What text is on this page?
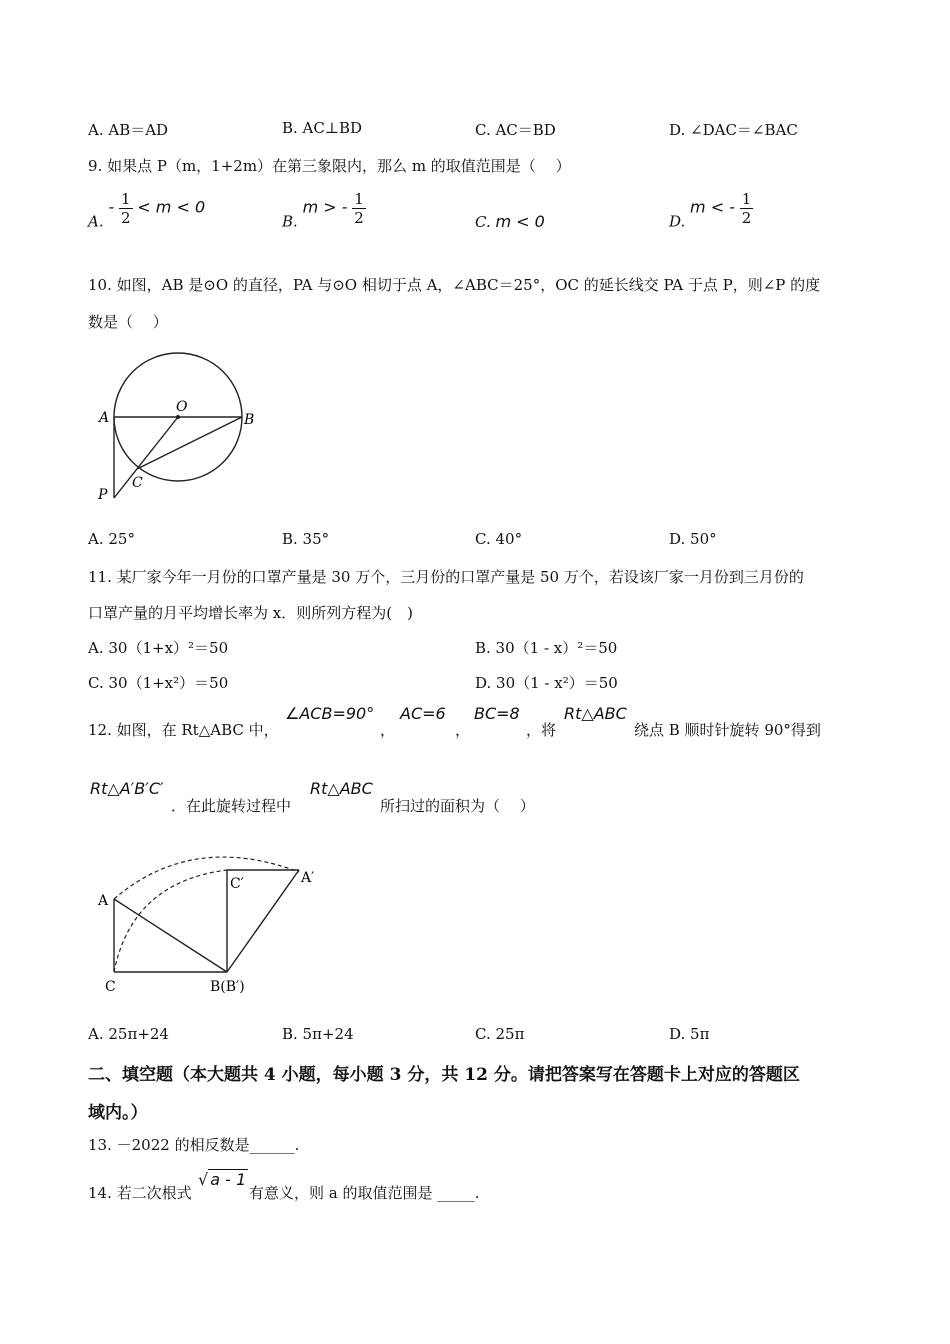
A. AB＝AD	B. AC⊥BD	C. AC＝BD	D. ∠DAC＝∠BAC
9. 如果点 P（m，1+2m）在第三象限内，那么 m 的取值范围是（　 ）
A. - $\frac{1}{2} < m < 0$
B. m > - $\frac{1}{2}$	C. m < 0	D. m < - $\frac{1}{2}$
10. 如图，AB 是⊙O 的直径，PA 与⊙O 相切于点 A，∠ABC＝25°，OC 的延长线交 PA 于点 P，则∠P 的度
数是（　 ）
A
O
B
C
P
A. 25°	B. 35°	C. 40°	D. 50°
11. 某厂家今年一月份的口罩产量是 30 万个，三月份的口罩产量是 50 万个，若设该厂家一月份到三月份的
口罩产量的月平均增长率为 x．则所列方程为(　)
A. 30（1+x）²＝50	B. 30（1 - x）²＝50
C. 30（1+x²）＝50	D. 30（1 - x²）＝50
12. 如图，在 Rt△ABC 中，
∠ACB=90°
，
AC=6
，
BC=8
，将
Rt△ABC
绕点 B 顺时针旋转 90°得到
Rt△A′B′C′
．在此旋转过程中
Rt△ABC
所扫过的面积为（　 ）
A
C	B(B′)
C′	A′
A. 25π+24	B. 5π+24	C. 25π	D. 5π
二、填空题（本大题共 4 小题，每小题 3 分，共 12 分。请把答案写在答题卡上对应的答题区
域内。）
13. －2022 的相反数是______.
14. 若二次根式
√ a - 1
有意义，则 a 的取值范围是 _____.
